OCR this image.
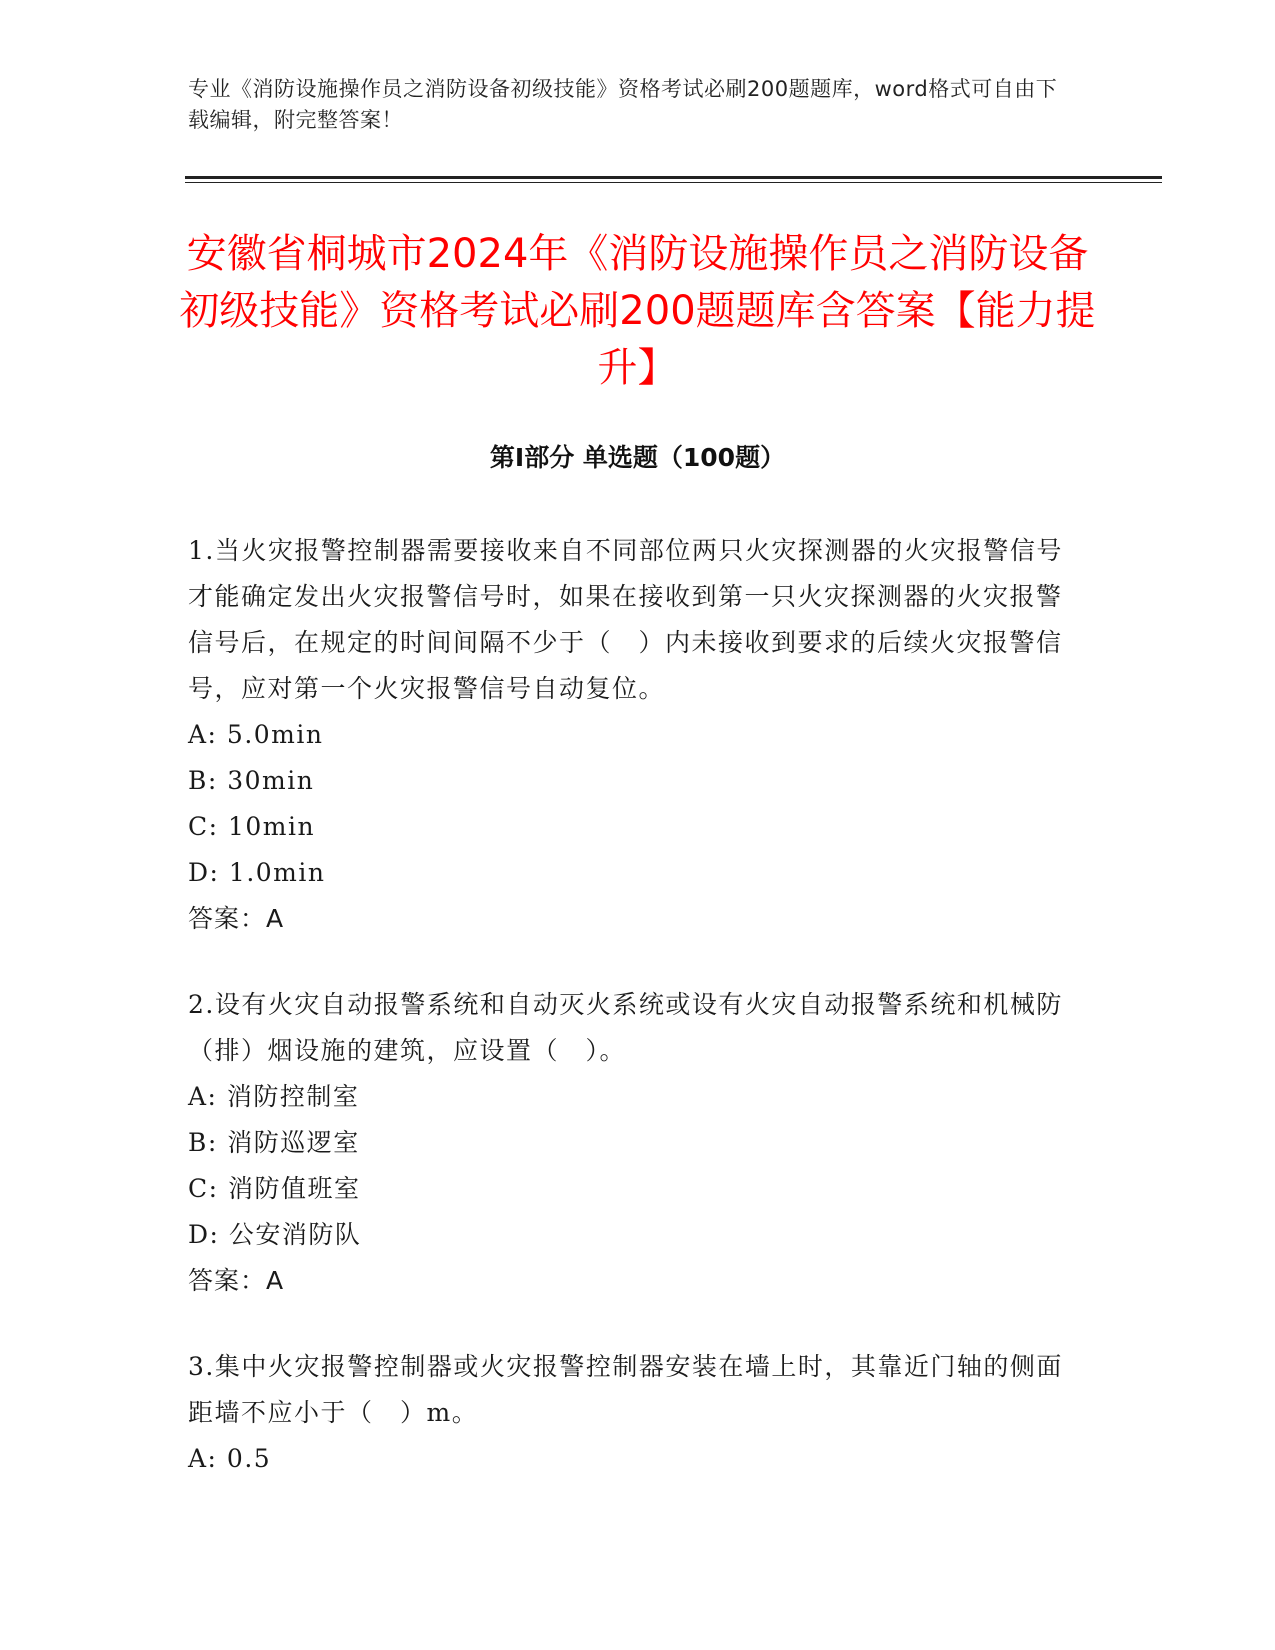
专业《消防设施操作员之消防设备初级技能》资格考试必刷200题题库，word格式可自由下载编辑，附完整答案！
安徽省桐城市2024年《消防设施操作员之消防设备初级技能》资格考试必刷200题题库含答案【能力提升】
第I部分 单选题（100题）

1.当火灾报警控制器需要接收来自不同部位两只火灾探测器的火灾报警信号才能确定发出火灾报警信号时，如果在接收到第一只火灾探测器的火灾报警信号后，在规定的时间间隔不少于（　）内未接收到要求的后续火灾报警信号，应对第一个火灾报警信号自动复位。

A: 5.0min

B: 30min

C: 10min

D: 1.0min

答案：A

2.设有火灾自动报警系统和自动灭火系统或设有火灾自动报警系统和机械防（排）烟设施的建筑，应设置（　）。

A: 消防控制室

B: 消防巡逻室

C: 消防值班室

D: 公安消防队

答案：A

3.集中火灾报警控制器或火灾报警控制器安装在墙上时，其靠近门轴的侧面距墙不应小于（　）m。

A: 0.5
